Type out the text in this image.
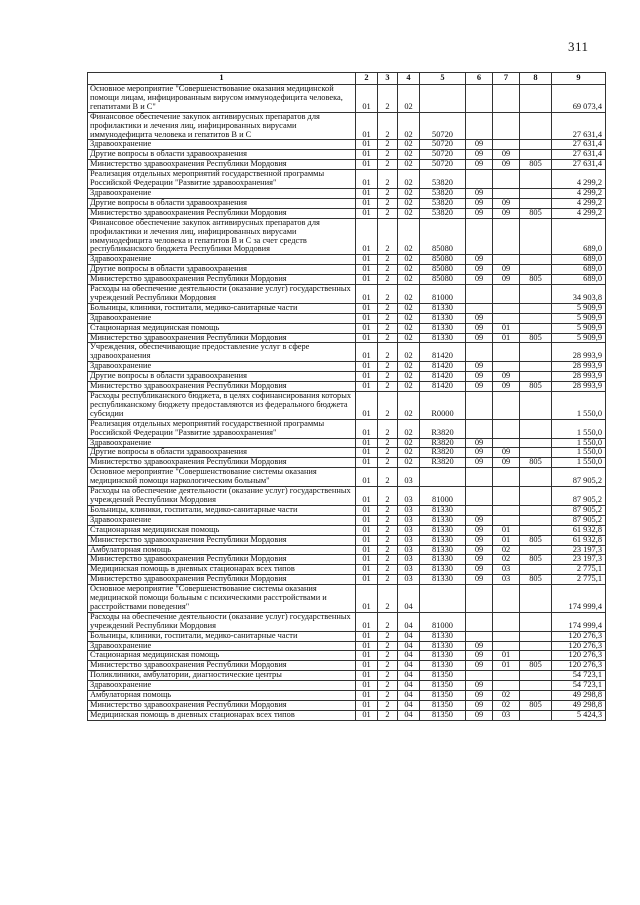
311
1	2	3	4	5	6	7	8	9
Основное мероприятие "Совершенствование оказания медицинской помощи лицам, инфицированным вирусом иммунодефицита человека, гепатитами В и С"	01	2	02					69 073,4
Финансовое обеспечение закупок антивирусных препаратов для профилактики и лечения лиц, инфицированных вирусами иммунодефицита человека и гепатитов В и С	01	2	02	50720				27 631,4
Здравоохранение	01	2	02	50720	09			27 631,4
Другие вопросы в области здравоохранения	01	2	02	50720	09	09		27 631,4
Министерство здравоохранения Республики Мордовия	01	2	02	50720	09	09	805	27 631,4
Реализация отдельных мероприятий государственной программы Российской Федерации "Развитие здравоохранения"	01	2	02	53820				4 299,2
Здравоохранение	01	2	02	53820	09			4 299,2
Другие вопросы в области здравоохранения	01	2	02	53820	09	09		4 299,2
Министерство здравоохранения Республики Мордовия	01	2	02	53820	09	09	805	4 299,2
Финансовое обеспечение закупок антивирусных препаратов для профилактики и лечения лиц, инфицированных вирусами иммунодефицита человека и гепатитов В и С за счет средств республиканского бюджета Республики Мордовия	01	2	02	85080				689,0
Здравоохранение	01	2	02	85080	09			689,0
Другие вопросы в области здравоохранения	01	2	02	85080	09	09		689,0
Министерство здравоохранения Республики Мордовия	01	2	02	85080	09	09	805	689,0
Расходы на обеспечение деятельности (оказание услуг) государственных учреждений Республики Мордовия	01	2	02	81000				34 903,8
Больницы, клиники, госпитали, медико-санитарные части	01	2	02	81330				5 909,9
Здравоохранение	01	2	02	81330	09			5 909,9
Стационарная медицинская помощь	01	2	02	81330	09	01		5 909,9
Министерство здравоохранения Республики Мордовия	01	2	02	81330	09	01	805	5 909,9
Учреждения, обеспечивающие предоставление услуг в сфере здравоохранения	01	2	02	81420				28 993,9
Здравоохранение	01	2	02	81420	09			28 993,9
Другие вопросы в области здравоохранения	01	2	02	81420	09	09		28 993,9
Министерство здравоохранения Республики Мордовия	01	2	02	81420	09	09	805	28 993,9
Расходы республиканского бюджета, в целях софинансирования которых республиканскому бюджету предоставляются из федерального бюджета субсидии	01	2	02	R0000				1 550,0
Реализация отдельных мероприятий государственной программы Российской Федерации "Развитие здравоохранения"	01	2	02	R3820				1 550,0
Здравоохранение	01	2	02	R3820	09			1 550,0
Другие вопросы в области здравоохранения	01	2	02	R3820	09	09		1 550,0
Министерство здравоохранения Республики Мордовия	01	2	02	R3820	09	09	805	1 550,0
Основное мероприятие "Совершенствование системы оказания медицинской помощи наркологическим больным"	01	2	03					87 905,2
Расходы на обеспечение деятельности (оказание услуг) государственных учреждений Республики Мордовия	01	2	03	81000				87 905,2
Больницы, клиники, госпитали, медико-санитарные части	01	2	03	81330				87 905,2
Здравоохранение	01	2	03	81330	09			87 905,2
Стационарная медицинская помощь	01	2	03	81330	09	01		61 932,8
Министерство здравоохранения Республики Мордовия	01	2	03	81330	09	01	805	61 932,8
Амбулаторная помощь	01	2	03	81330	09	02		23 197,3
Министерство здравоохранения Республики Мордовия	01	2	03	81330	09	02	805	23 197,3
Медицинская помощь в дневных стационарах всех типов	01	2	03	81330	09	03		2 775,1
Министерство здравоохранения Республики Мордовия	01	2	03	81330	09	03	805	2 775,1
Основное мероприятие "Совершенствование системы оказания медицинской помощи больным с психическими расстройствами и расстройствами поведения"	01	2	04					174 999,4
Расходы на обеспечение деятельности (оказание услуг) государственных учреждений Республики Мордовия	01	2	04	81000				174 999,4
Больницы, клиники, госпитали, медико-санитарные части	01	2	04	81330				120 276,3
Здравоохранение	01	2	04	81330	09			120 276,3
Стационарная медицинская помощь	01	2	04	81330	09	01		120 276,3
Министерство здравоохранения Республики Мордовия	01	2	04	81330	09	01	805	120 276,3
Поликлиники, амбулатории, диагностические центры	01	2	04	81350				54 723,1
Здравоохранение	01	2	04	81350	09			54 723,1
Амбулаторная помощь	01	2	04	81350	09	02		49 298,8
Министерство здравоохранения Республики Мордовия	01	2	04	81350	09	02	805	49 298,8
Медицинская помощь в дневных стационарах всех типов	01	2	04	81350	09	03		5 424,3
